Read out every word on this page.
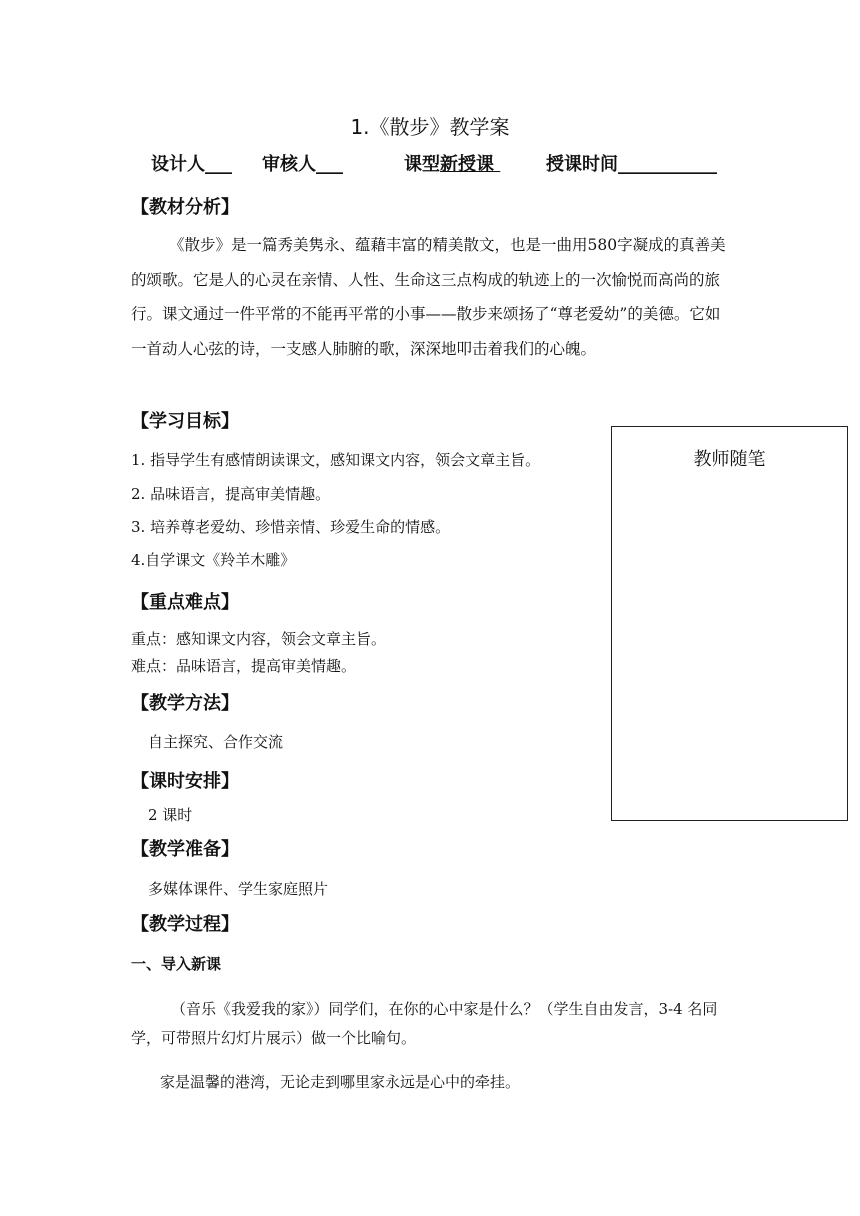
1.《散步》教学案
设计人___ 审核人___	课型新授课	授课时间___________
【教材分析】
《散步》是一篇秀美隽永、蕴藉丰富的精美散文，也是一曲用580字凝成的真善美的颂歌。它是人的心灵在亲情、人性、生命这三点构成的轨迹上的一次愉悦而高尚的旅行。课文通过一件平常的不能再平常的小事——散步来颂扬了“尊老爱幼”的美德。它如一首动人心弦的诗，一支感人肺腑的歌，深深地叩击着我们的心魄。
【学习目标】
1. 指导学生有感情朗读课文，感知课文内容，领会文章主旨。
2. 品味语言，提高审美情趣。
3. 培养尊老爱幼、珍惜亲情、珍爱生命的情感。
4.自学课文《羚羊木雕》
【重点难点】
重点：感知课文内容，领会文章主旨。
难点：品味语言，提高审美情趣。
【教学方法】
自主探究、合作交流
【课时安排】
2 课时
【教学准备】
多媒体课件、学生家庭照片
【教学过程】
一、导入新课
（音乐《我爱我的家》）同学们，在你的心中家是什么？（学生自由发言，3-4 名同学，可带照片幻灯片展示）做一个比喻句。
家是温馨的港湾，无论走到哪里家永远是心中的牵挂。
教师随笔
